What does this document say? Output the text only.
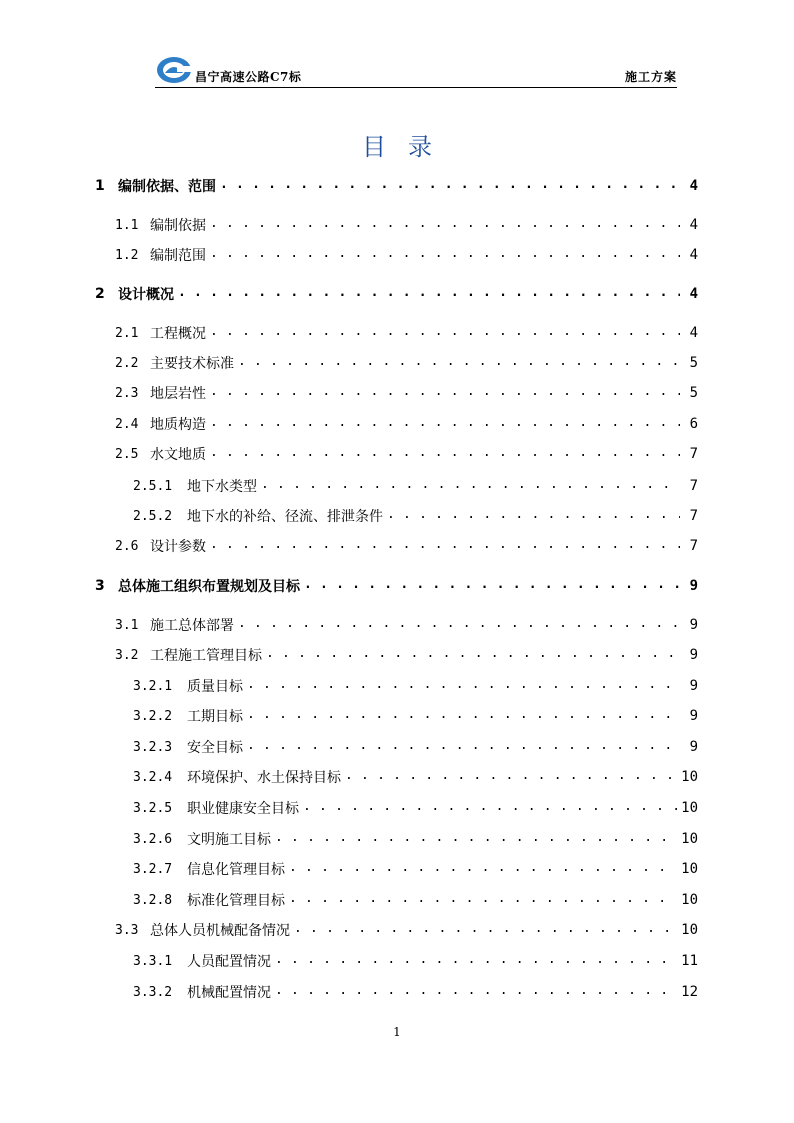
昌宁高速公路C7标	施工方案
目录
1 编制依据、范围 . . .	4
1.1 编制依据 . . .	4
1.2 编制范围 . . .	4
2 设计概况 . . .	4
2.1 工程概况 . . .	4
2.2 主要技术标准 . . .	5
2.3 地层岩性 . . .	5
2.4 地质构造 . . .	6
2.5 水文地质 . . .	7
2.5.1	地下水类型 . . .	7
2.5.2	地下水的补给、径流、排泄条件 . . .	7
2.6 设计参数 . . .	7
3 总体施工组织布置规划及目标 . . .	9
3.1 施工总体部署 . . .	9
3.2 工程施工管理目标 . . .	9
3.2.1	质量目标 . . .	9
3.2.2	工期目标 . . .	9
3.2.3	安全目标 . . .	9
3.2.4	环境保护、水土保持目标 . . .	10
3.2.5	职业健康安全目标 . . .	10
3.2.6	文明施工目标 . . .	10
3.2.7	信息化管理目标 . . .	10
3.2.8	标准化管理目标 . . .	10
3.3 总体人员机械配备情况 . . .	10
3.3.1	人员配置情况 . . .	11
3.3.2	机械配置情况 . . .	12
1
